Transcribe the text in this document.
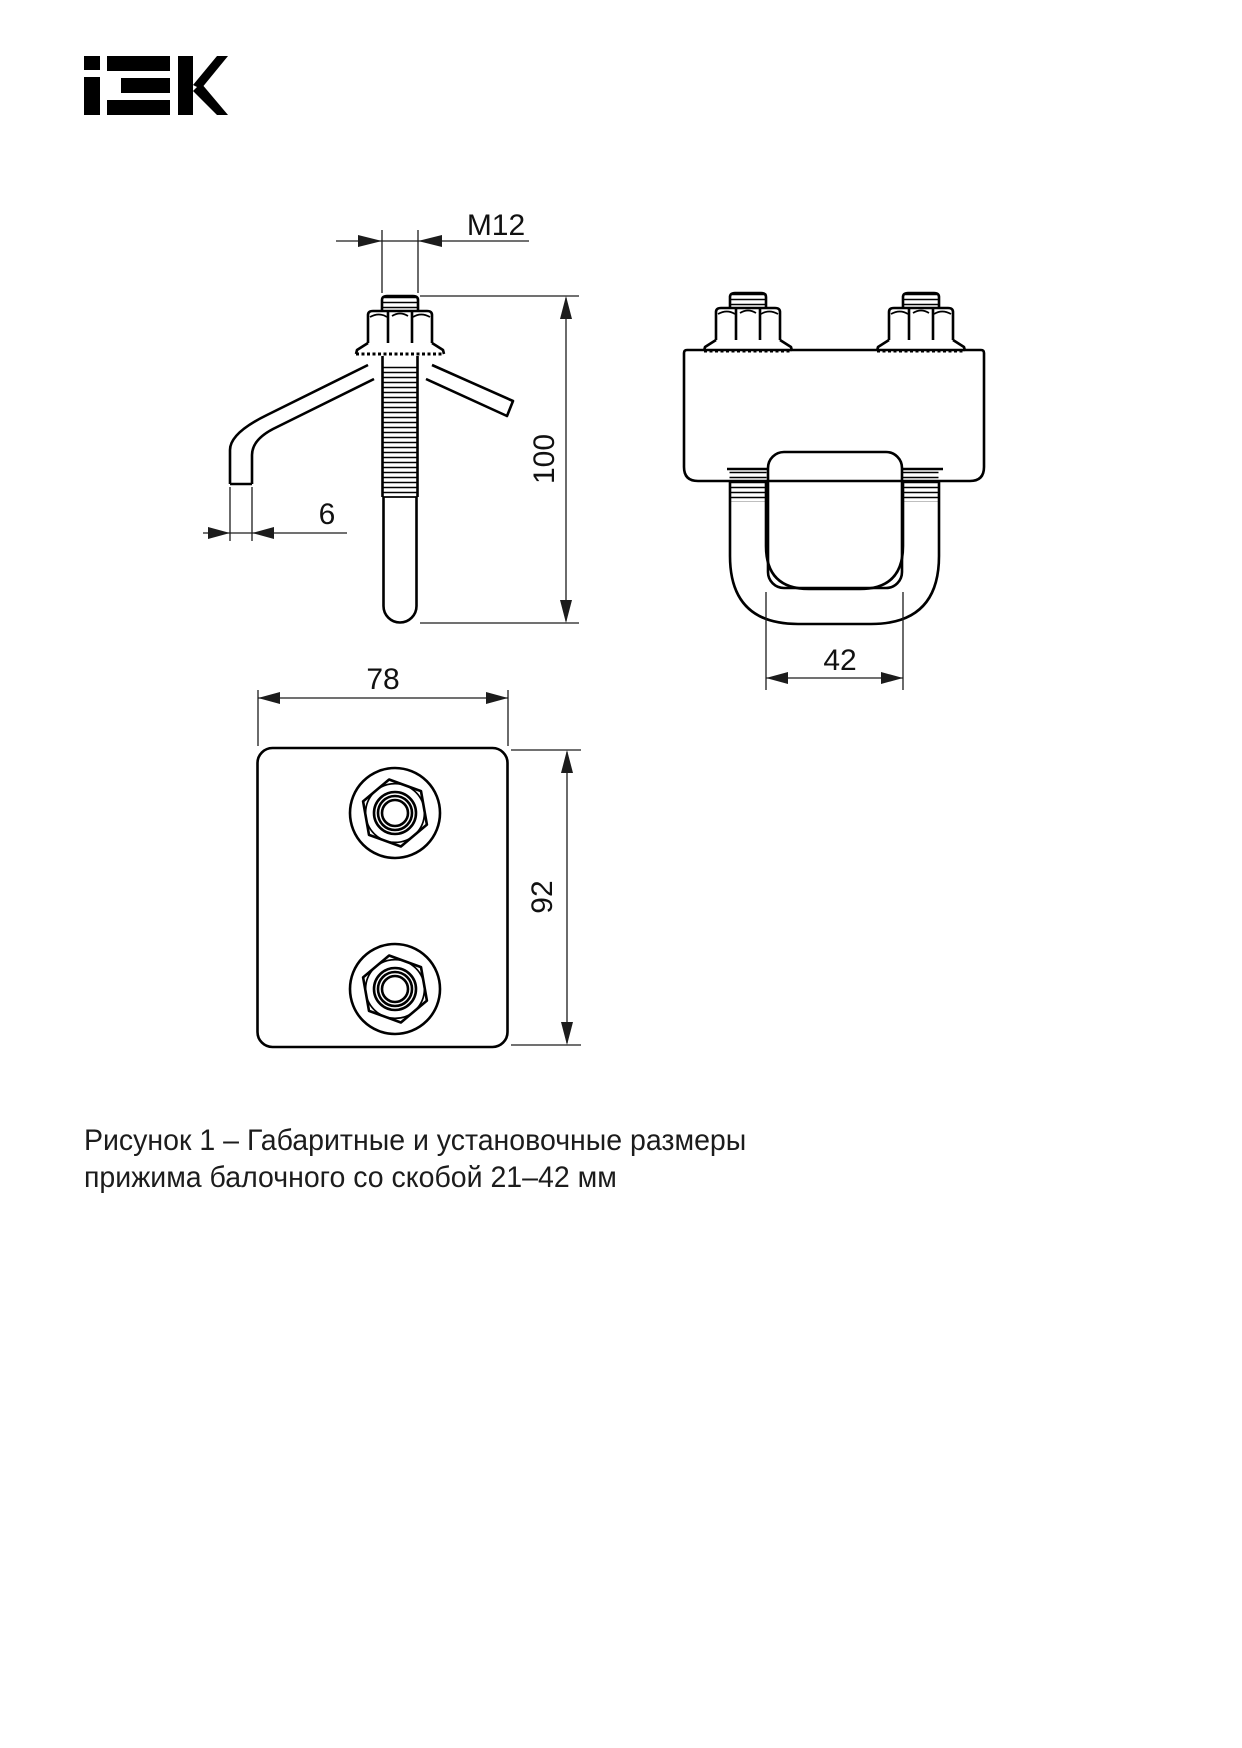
M12
100
6
42
78
92
Рисунок 1 – Габаритные и установочные размеры
прижима балочного со скобой 21–42 мм
